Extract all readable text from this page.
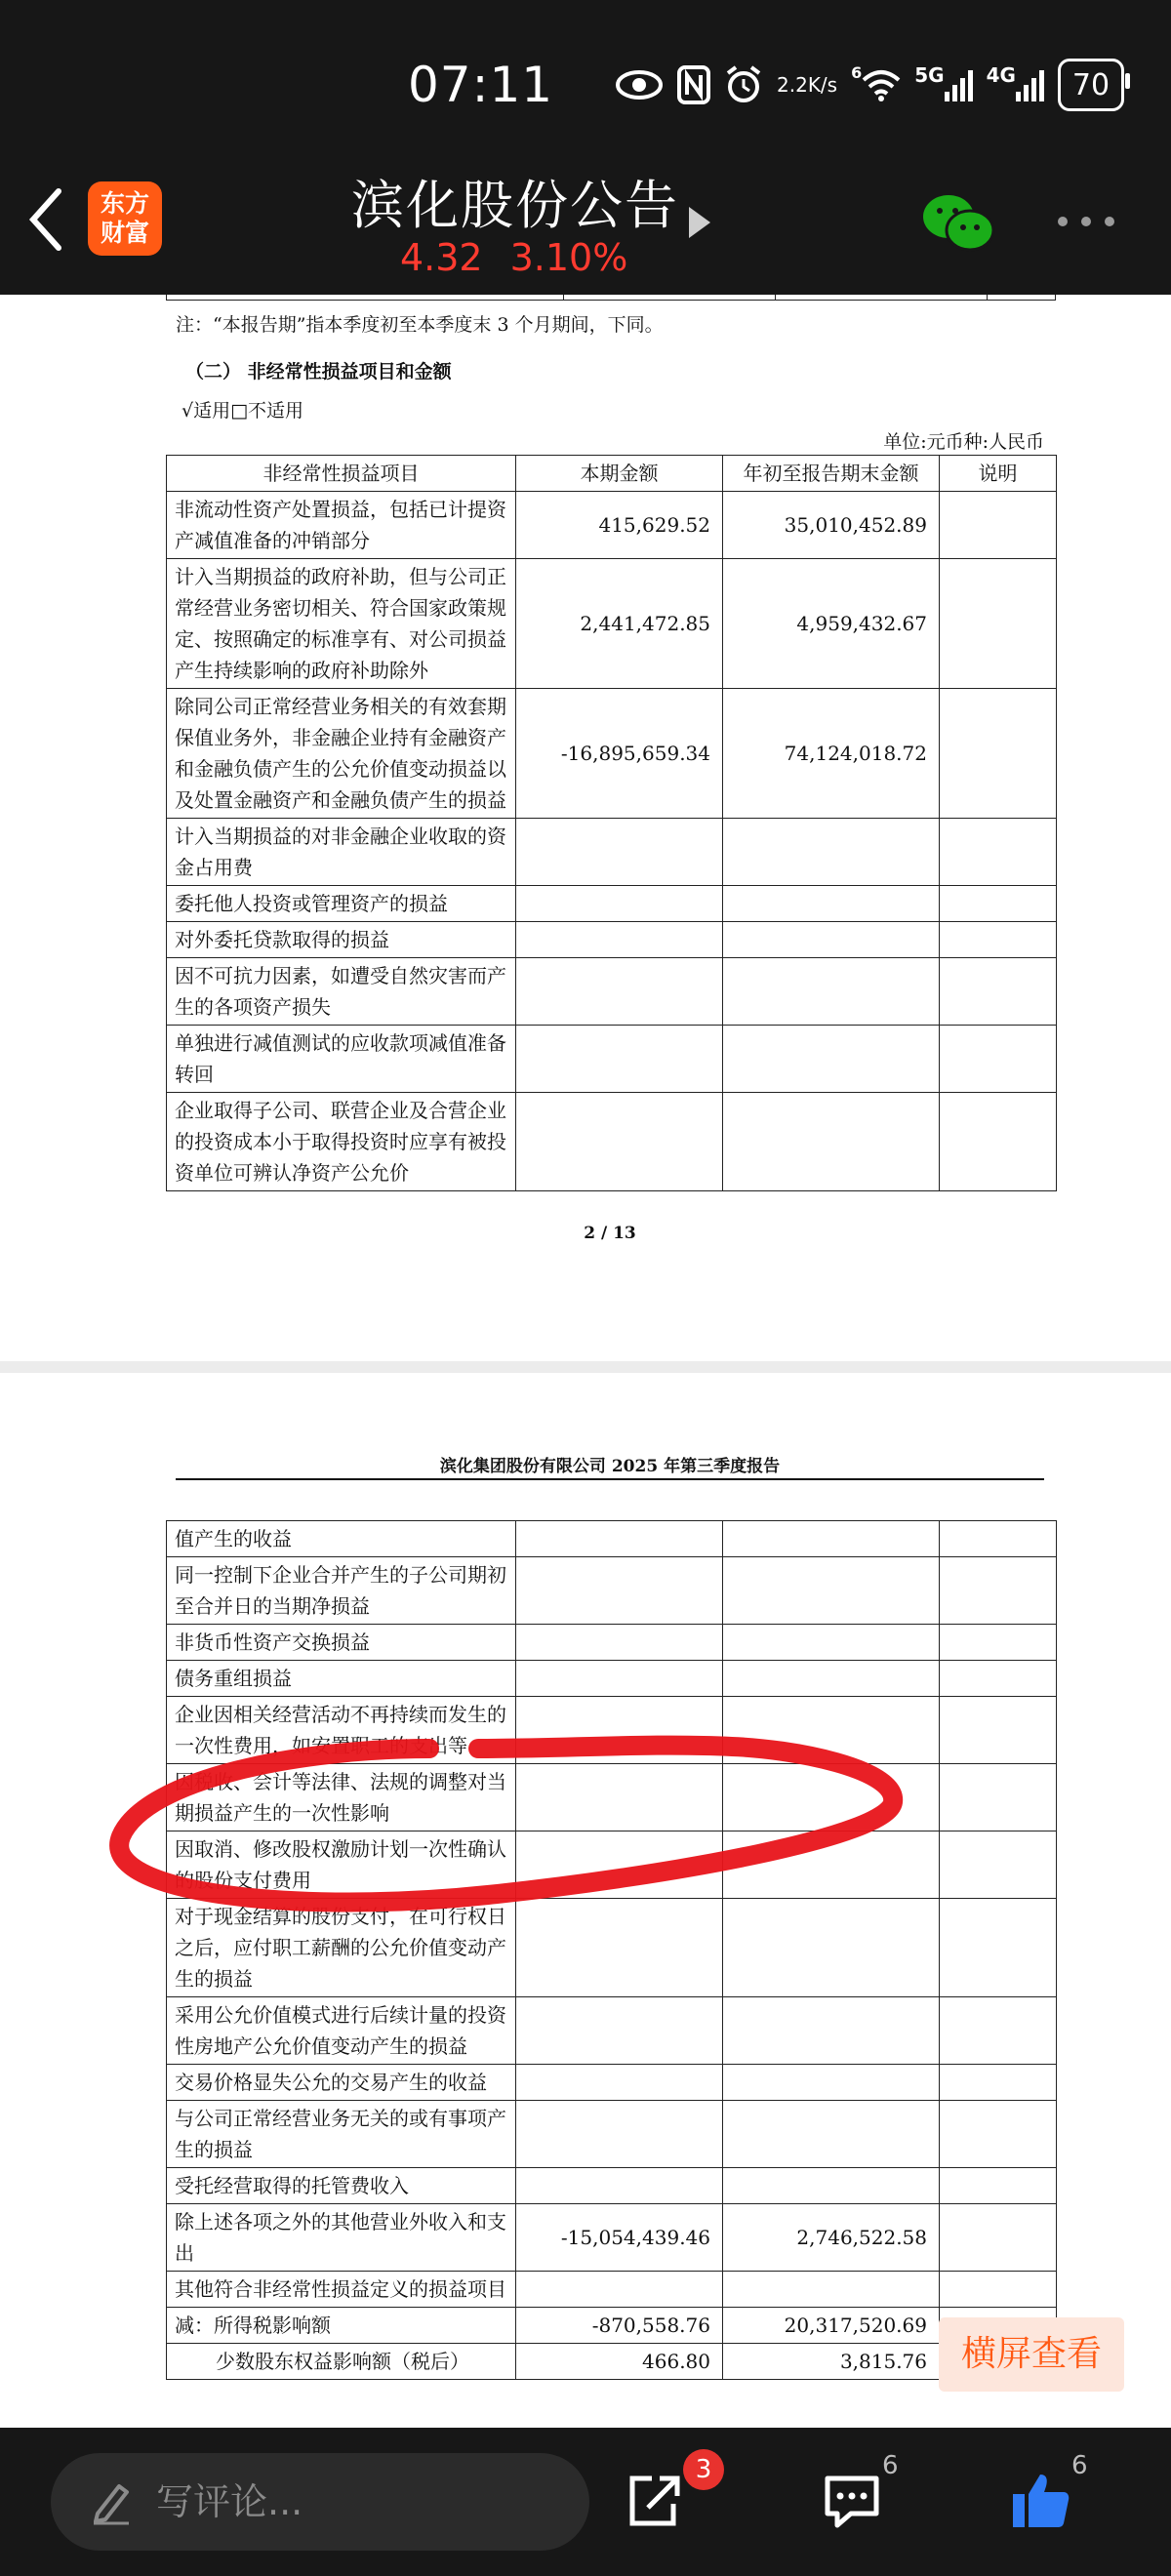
07:11	2.2 K/s
6	5G 4G	70
东方
财富	滨化股份公告
4.32 3.10%

注：“本报告期”指本季度初至本季度末 3 个月期间，下同。
（二） 非经常性损益项目和金额
√适用□不适用
单位:元币种:人民币
非经常性损益项目	本期金额	年初至报告期末金额	说明
非流动性资产处置损益，包括已计提资产减值准备的冲销部分	415,629.52	35,010,452.89	
计入当期损益的政府补助，但与公司正常经营业务密切相关、符合国家政策规定、按照确定的标准享有、对公司损益产生持续影响的政府补助除外	2,441,472.85	4,959,432.67	
除同公司正常经营业务相关的有效套期保值业务外，非金融企业持有金融资产和金融负债产生的公允价值变动损益以及处置金融资产和金融负债产生的损益	-16,895,659.34	74,124,018.72	
计入当期损益的对非金融企业收取的资金占用费			
委托他人投资或管理资产的损益			
对外委托贷款取得的损益			
因不可抗力因素，如遭受自然灾害而产生的各项资产损失			
单独进行减值测试的应收款项减值准备转回			
企业取得子公司、联营企业及合营企业的投资成本小于取得投资时应享有被投资单位可辨认净资产公允价			
2 / 13
滨化集团股份有限公司 2025 年第三季度报告
值产生的收益			
同一控制下企业合并产生的子公司期初至合并日的当期净损益			
非货币性资产交换损益			
债务重组损益			
企业因相关经营活动不再持续而发生的一次性费用，如安置职工的支出等			
因税收、会计等法律、法规的调整对当期损益产生的一次性影响			
因取消、修改股权激励计划一次性确认的股份支付费用			
对于现金结算的股份支付，在可行权日之后，应付职工薪酬的公允价值变动产生的损益			
采用公允价值模式进行后续计量的投资性房地产公允价值变动产生的损益			
交易价格显失公允的交易产生的收益			
与公司正常经营业务无关的或有事项产生的损益			
受托经营取得的托管费收入			
除上述各项之外的其他营业外收入和支出	-15,054,439.46	2,746,522.58	
其他符合非经常性损益定义的损益项目			
减：所得税影响额	-870,558.76	20,317,520.69	
少数股东权益影响额（税后）	466.80	3,815.76	横屏查看
写评论...
3	6	6
